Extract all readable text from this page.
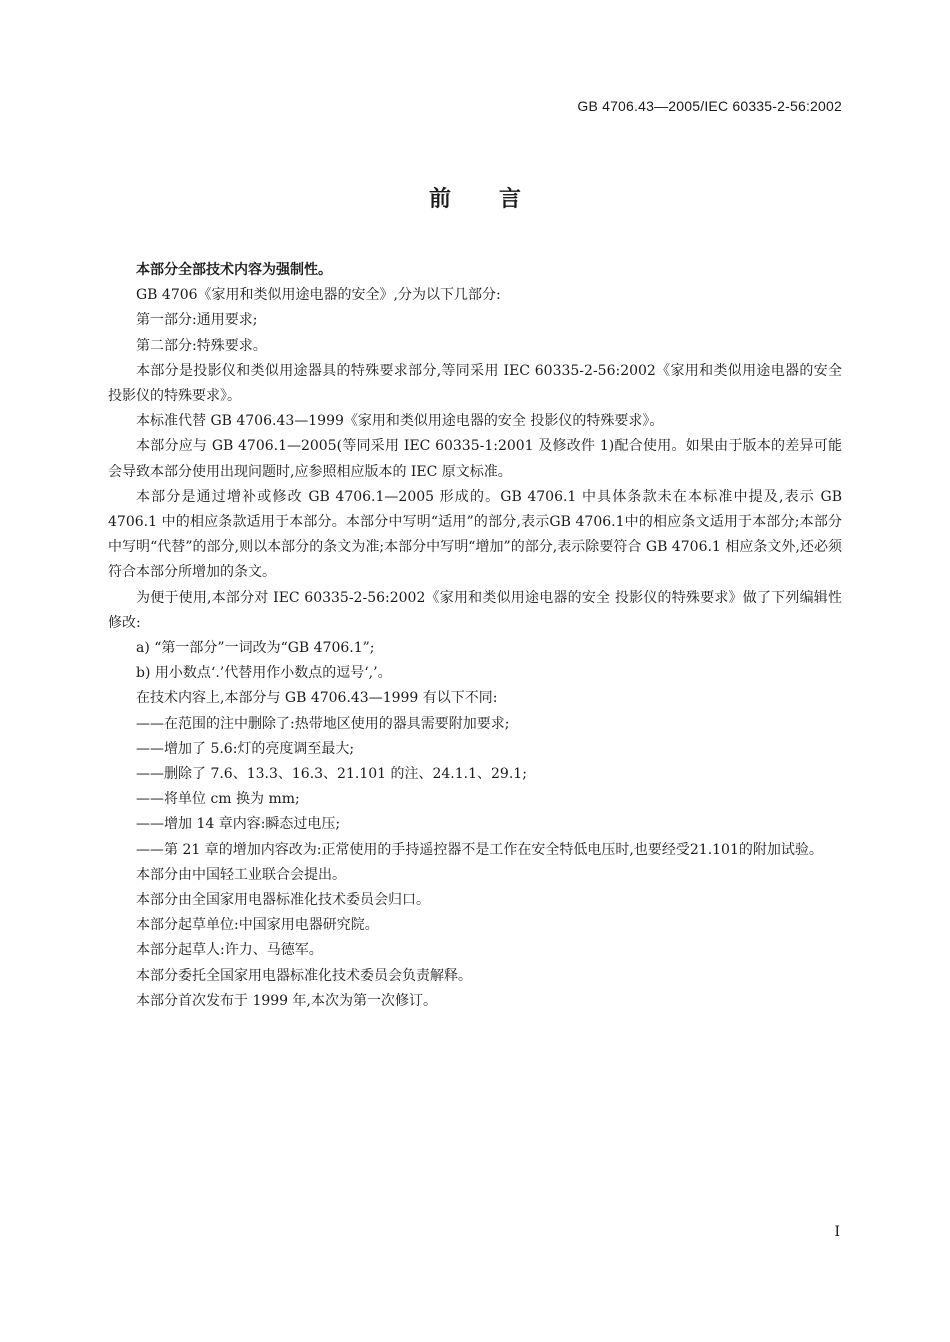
GB 4706.43—2005/IEC 60335-2-56:2002
前言

本部分全部技术内容为强制性。

GB 4706《家用和类似用途电器的安全》,分为以下几部分:

第一部分:通用要求;

第二部分:特殊要求。

本部分是投影仪和类似用途器具的特殊要求部分,等同采用 IEC 60335-2-56:2002《家用和类似用途电器的安全 投影仪的特殊要求》。

本标准代替 GB 4706.43—1999《家用和类似用途电器的安全 投影仪的特殊要求》。

本部分应与 GB 4706.1—2005(等同采用 IEC 60335-1:2001 及修改件 1)配合使用。如果由于版本的差异可能会导致本部分使用出现问题时,应参照相应版本的 IEC 原文标准。

本部分是通过增补或修改 GB 4706.1—2005 形成的。GB 4706.1 中具体条款未在本标准中提及,表示 GB 4706.1 中的相应条款适用于本部分。本部分中写明“适用”的部分,表示GB 4706.1中的相应条文适用于本部分;本部分中写明“代替”的部分,则以本部分的条文为准;本部分中写明“增加”的部分,表示除要符合 GB 4706.1 相应条文外,还必须符合本部分所增加的条文。

为便于使用,本部分对 IEC 60335-2-56:2002《家用和类似用途电器的安全 投影仪的特殊要求》做了下列编辑性修改:

a) “第一部分”一词改为“GB 4706.1”;

b) 用小数点‘.’代替用作小数点的逗号‘,’。

在技术内容上,本部分与 GB 4706.43—1999 有以下不同:

——在范围的注中删除了:热带地区使用的器具需要附加要求;

——增加了 5.6:灯的亮度调至最大;

——删除了 7.6、13.3、16.3、21.101 的注、24.1.1、29.1;

——将单位 cm 换为 mm;

——增加 14 章内容:瞬态过电压;

——第 21 章的增加内容改为:正常使用的手持遥控器不是工作在安全特低电压时,也要经受21.101的附加试验。

本部分由中国轻工业联合会提出。

本部分由全国家用电器标准化技术委员会归口。

本部分起草单位:中国家用电器研究院。

本部分起草人:许力、马德军。

本部分委托全国家用电器标准化技术委员会负责解释。

本部分首次发布于 1999 年,本次为第一次修订。

I
